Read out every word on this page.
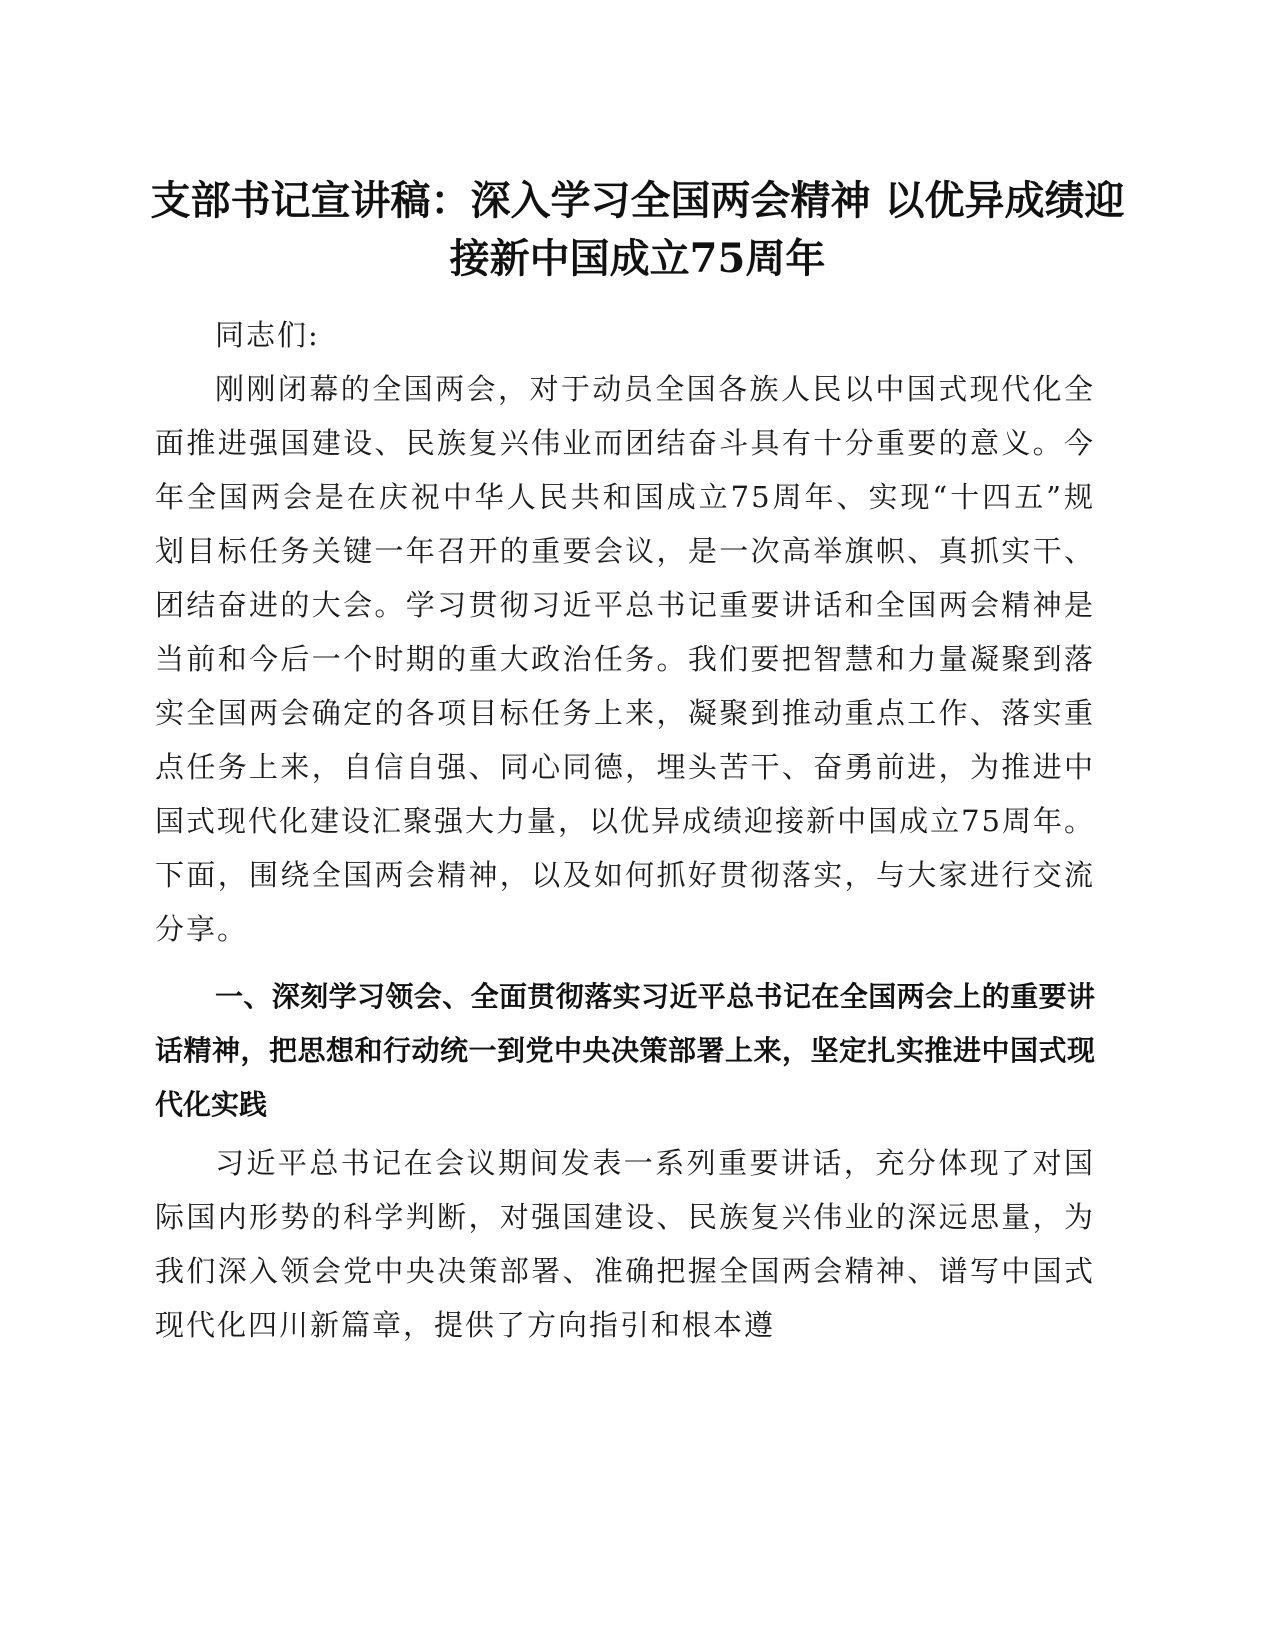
支部书记宣讲稿：深入学习全国两会精神 以优异成绩迎接新中国成立75周年

同志们:

刚刚闭幕的全国两会，对于动员全国各族人民以中国式现代化全面推进强国建设、民族复兴伟业而团结奋斗具有十分重要的意义。今年全国两会是在庆祝中华人民共和国成立75周年、实现“十四五”规划目标任务关键一年召开的重要会议，是一次高举旗帜、真抓实干、团结奋进的大会。学习贯彻习近平总书记重要讲话和全国两会精神是当前和今后一个时期的重大政治任务。我们要把智慧和力量凝聚到落实全国两会确定的各项目标任务上来，凝聚到推动重点工作、落实重点任务上来，自信自强、同心同德，埋头苦干、奋勇前进，为推进中国式现代化建设汇聚强大力量，以优异成绩迎接新中国成立75周年。下面，围绕全国两会精神，以及如何抓好贯彻落实，与大家进行交流分享。

一、深刻学习领会、全面贯彻落实习近平总书记在全国两会上的重要讲话精神，把思想和行动统一到党中央决策部署上来，坚定扎实推进中国式现代化实践

习近平总书记在会议期间发表一系列重要讲话，充分体现了对国际国内形势的科学判断，对强国建设、民族复兴伟业的深远思量，为我们深入领会党中央决策部署、准确把握全国两会精神、谱写中国式现代化四川新篇章，提供了方向指引和根本遵
